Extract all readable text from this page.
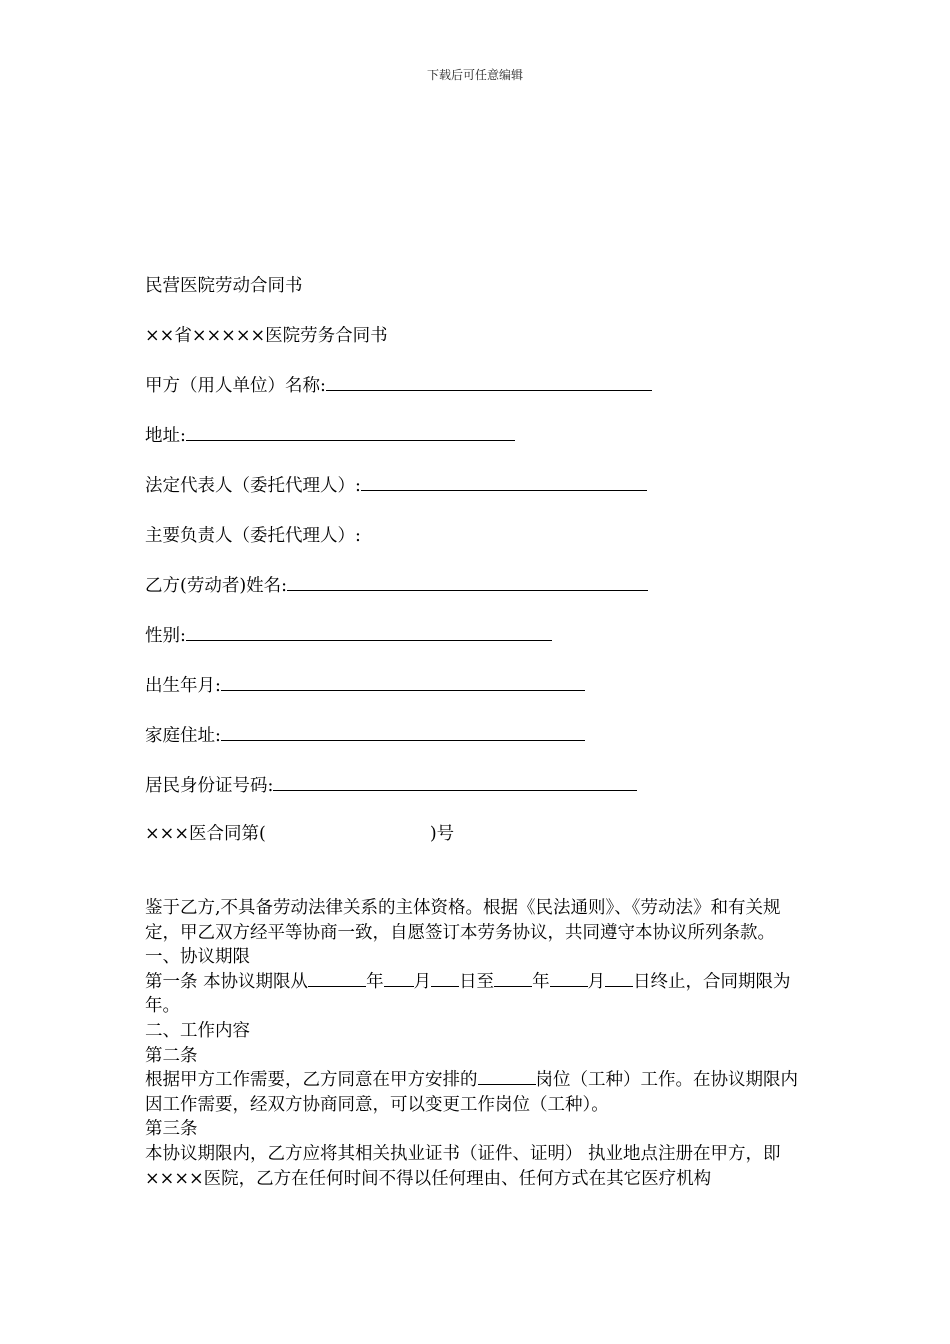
下载后可任意编辑
民营医院劳动合同书
××省×××××医院劳务合同书
甲方（用人单位）名称:
地址:
法定代表人（委托代理人）:
主要负责人（委托代理人）:
乙方(劳动者)姓名:
性别:
出生年月:
家庭住址:
居民身份证号码:
×××医合同第(	)号

鉴于乙方,不具备劳动法律关系的主体资格。根据《民法通则》、《劳动法》和有关规定，甲乙双方经平等协商一致，自愿签订本劳务协议，共同遵守本协议所列条款。

一、协议期限

第一条 本协议期限从	年 月 日至 年 月 日终止，合同期限为年。

二、工作内容

第二条

根据甲方工作需要，乙方同意在甲方安排的	岗位（工种）工作。在协议期限内因工作需要，经双方协商同意，可以变更工作岗位（工种）。

第三条

本协议期限内，乙方应将其相关执业证书（证件、证明） 执业地点注册在甲方，即××××医院，乙方在任何时间不得以任何理由、任何方式在其它医疗机构
